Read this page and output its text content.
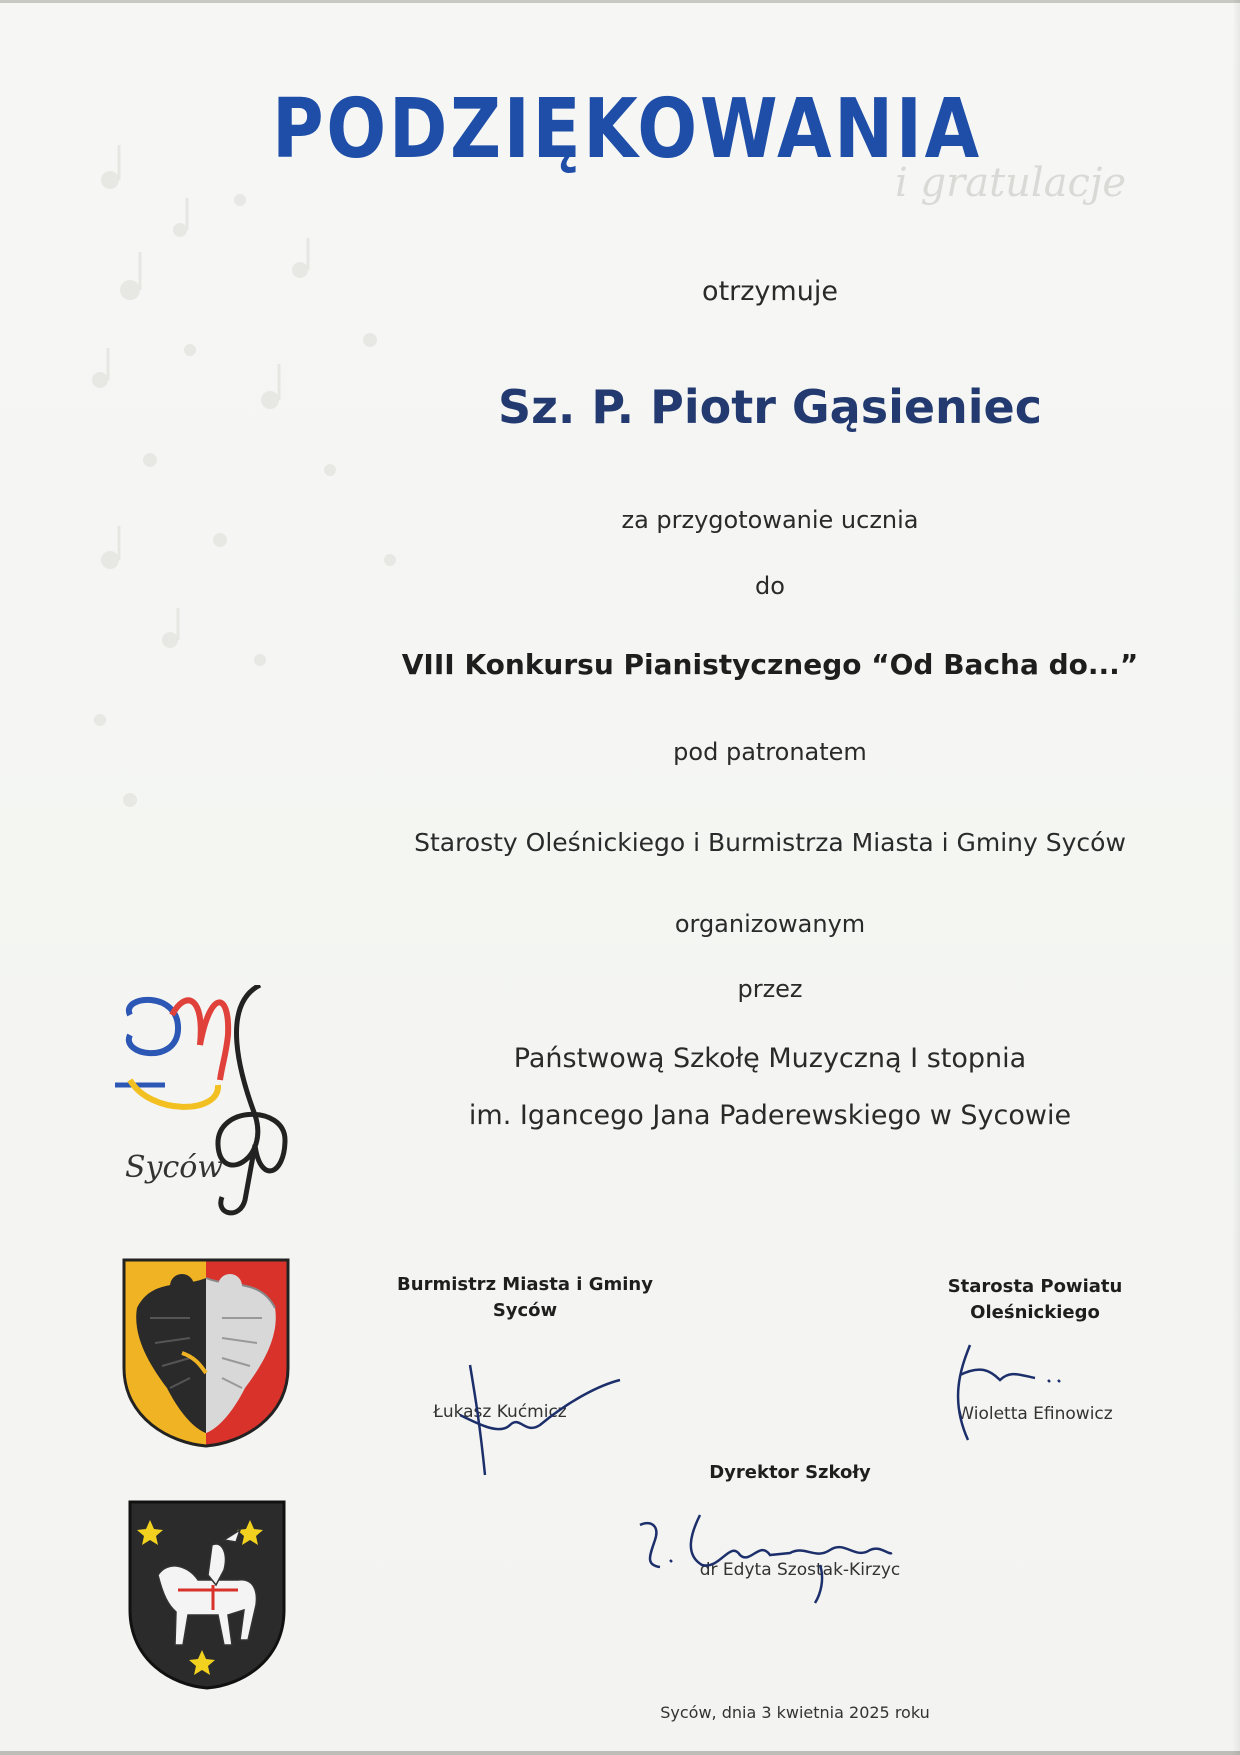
PODZIĘKOWANIA
i gratulacje
otrzymuje
Sz. P. Piotr Gąsieniec
za przygotowanie ucznia
do
VIII Konkursu Pianistycznego “Od Bacha do...”
pod patronatem
Starosty Oleśnickiego i Burmistrza Miasta i Gminy Syców
organizowanym
przez
Państwową Szkołę Muzyczną I stopnia
im. Igancego Jana Paderewskiego w Sycowie
Syców
Burmistrz Miasta i Gminy
Syców
Łukasz Kućmicz
Starosta Powiatu
Oleśnickiego
Wioletta Efinowicz
Dyrektor Szkoły
dr Edyta Szostak-Kirzyc
Syców, dnia 3 kwietnia 2025 roku
